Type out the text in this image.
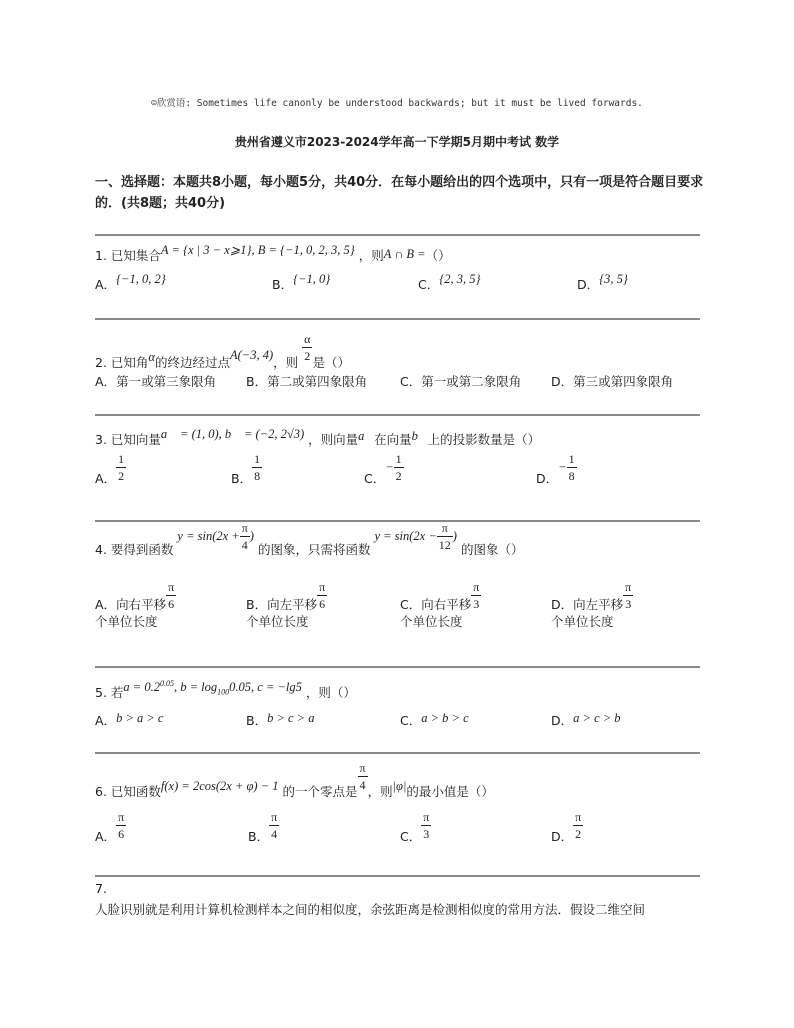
☺欣赏语: Sometimes life canonly be understood backwards; but it must be lived forwards.
贵州省遵义市2023-2024学年高一下学期5月期中考试 数学
一、选择题：本题共8小题，每小题5分，共40分．在每小题给出的四个选项中，只有一项是符合题目要求的．(共8题；共40分)
1. 已知集合A = {x | 3 − x⩾1}, B = {−1, 0, 2, 3, 5} ，则A ∩ B =（）
A．{−1, 0, 2}	B．{−1, 0}	C．{2, 3, 5}	D．{3, 5}
2. 已知角α的终边经过点A(−3, 4)，则
$\frac{\alpha}{2}$
是（）
A．第一或第三象限角 B．第二或第四象限角	C．第一或第二象限角 D．第三或第四象限角
3. 已知向量a⃗ = (1, 0), b⃗ = (−2, 2√3) ，则向量a⃗在向量b⃗上的投影数量是（）
A． $\frac{1}{2}$	B． $\frac{1}{8}$	C．− $\frac{1}{2}$	D．− $\frac{1}{8}$
4. 要得到函数 $y = \sin(2x + \frac{\pi}{4}$ ) 的图象，只需将函数 $y = \sin(2x - \frac{\pi}{12}$ ) 的图象（）
A．向右平移 $\frac{\pi}{6}$
个单位长度
B．向左平移 $\frac{\pi}{6}$
个单位长度
C．向右平移 $\frac{\pi}{3}$
个单位长度
D．向左平移 $\frac{\pi}{3}$
个单位长度
5. 若$a = 0.2^{0.05}$, $b = \log_{100}0.05$, c = −lg5 ，则（）
A．b > a > c	B．b > c > a	C．a > b > c	D．a > c > b
6. 已知函数f(x) = 2cos(2x + φ) − 1 的一个零点是
$\frac{\pi}{4}$
，则|φ|的最小值是（）
A． $\frac{\pi}{6}$	B． $\frac{\pi}{4}$	C． $\frac{\pi}{3}$	D． $\frac{\pi}{2}$
7.
人脸识别就是利用计算机检测样本之间的相似度，余弦距离是检测相似度的常用方法．假设二维空间
